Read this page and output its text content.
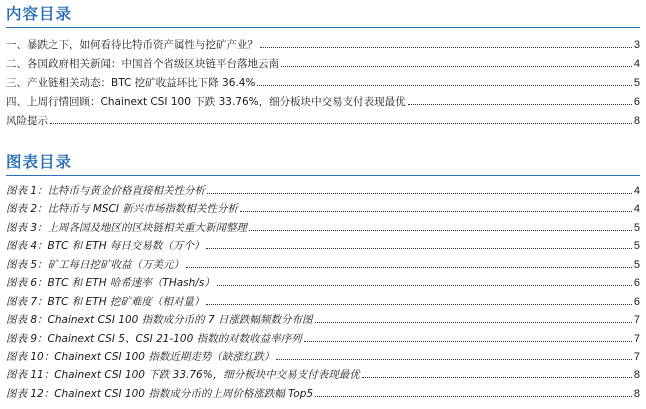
内容目录
一、暴跌之下，如何看待比特币资产属性与挖矿产业？	3
二、各国政府相关新闻：中国首个省级区块链平台落地云南	4
三、产业链相关动态：BTC 挖矿收益环比下降 36.4%	5
四、上周行情回顾：Chainext CSI 100 下跌 33.76%，细分板块中交易支付表现最优	6
风险提示	8
图表目录
图表 1：比特币与黄金价格直接相关性分析	4
图表 2：比特币与 MSCI 新兴市场指数相关性分析	4
图表 3：上周各国及地区的区块链相关重大新闻整理	5
图表 4：BTC 和 ETH 每日交易数（万个）	5
图表 5：矿工每日挖矿收益（万美元）	5
图表 6：BTC 和 ETH 哈希速率（THash/s）	6
图表 7：BTC 和 ETH 挖矿难度（相对量）	6
图表 8：Chainext CSI 100 指数成分币的 7 日涨跌幅频数分布图	7
图表 9：Chainext CSI 5、CSI 21-100 指数的对数收益率序列	7
图表 10：Chainext CSI 100 指数近期走势（缺涨红跌）	7
图表 11：Chainext CSI 100 下跌 33.76%，细分板块中交易支付表现最优	8
图表 12：Chainext CSI 100 指数成分币的上周价格涨跌幅 Top5	8
